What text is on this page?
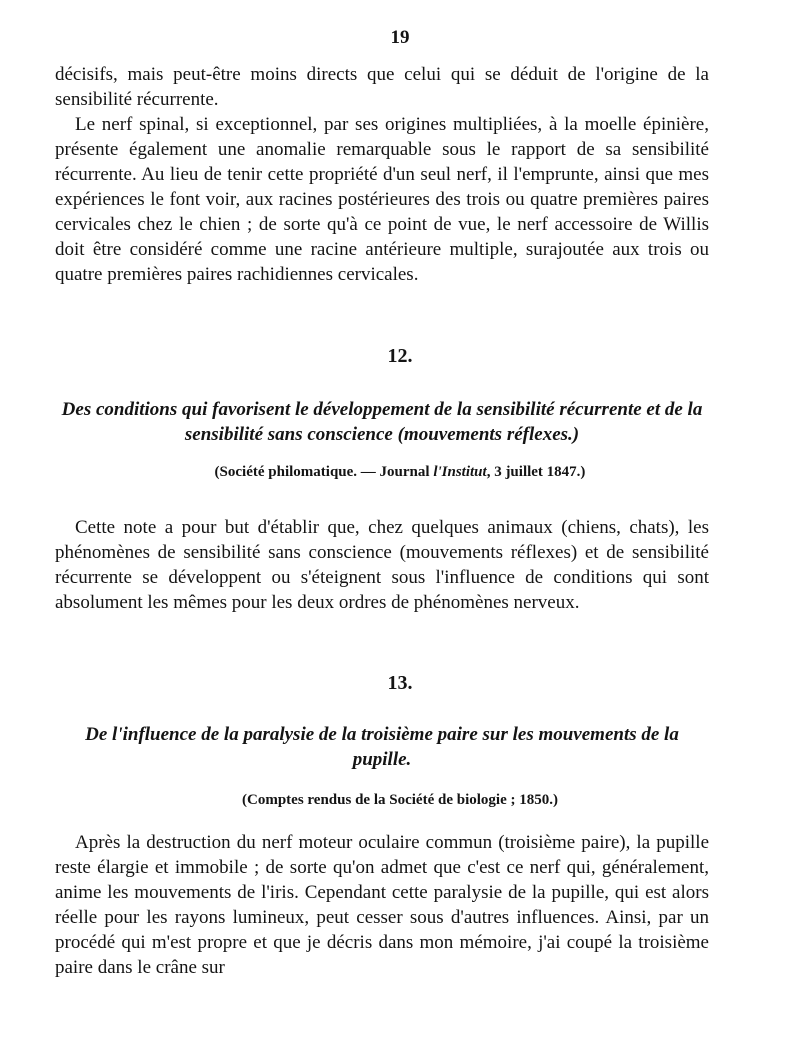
19

décisifs, mais peut-être moins directs que celui qui se déduit de l'origine de la sensibilité récurrente.

Le nerf spinal, si exceptionnel, par ses origines multipliées, à la moelle épinière, présente également une anomalie remarquable sous le rapport de sa sensibilité récurrente. Au lieu de tenir cette propriété d'un seul nerf, il l'emprunte, ainsi que mes expériences le font voir, aux racines postérieures des trois ou quatre premières paires cervicales chez le chien ; de sorte qu'à ce point de vue, le nerf accessoire de Willis doit être considéré comme une racine antérieure multiple, surajoutée aux trois ou quatre premières paires rachidiennes cervicales.

12.
Des conditions qui favorisent le développement de la sensibilité récurrente et de la sensibilité sans conscience (mouvements réflexes.)
(Société philomatique. — Journal l'Institut, 3 juillet 1847.)

Cette note a pour but d'établir que, chez quelques animaux (chiens, chats), les phénomènes de sensibilité sans conscience (mouvements réflexes) et de sensibilité récurrente se développent ou s'éteignent sous l'influence de conditions qui sont absolument les mêmes pour les deux ordres de phénomènes nerveux.

13.
De l'influence de la paralysie de la troisième paire sur les mouvements de la pupille.
(Comptes rendus de la Société de biologie ; 1850.)

Après la destruction du nerf moteur oculaire commun (troisième paire), la pupille reste élargie et immobile ; de sorte qu'on admet que c'est ce nerf qui, généralement, anime les mouvements de l'iris. Cependant cette paralysie de la pupille, qui est alors réelle pour les rayons lumineux, peut cesser sous d'autres influences. Ainsi, par un procédé qui m'est propre et que je décris dans mon mémoire, j'ai coupé la troisième paire dans le crâne sur
